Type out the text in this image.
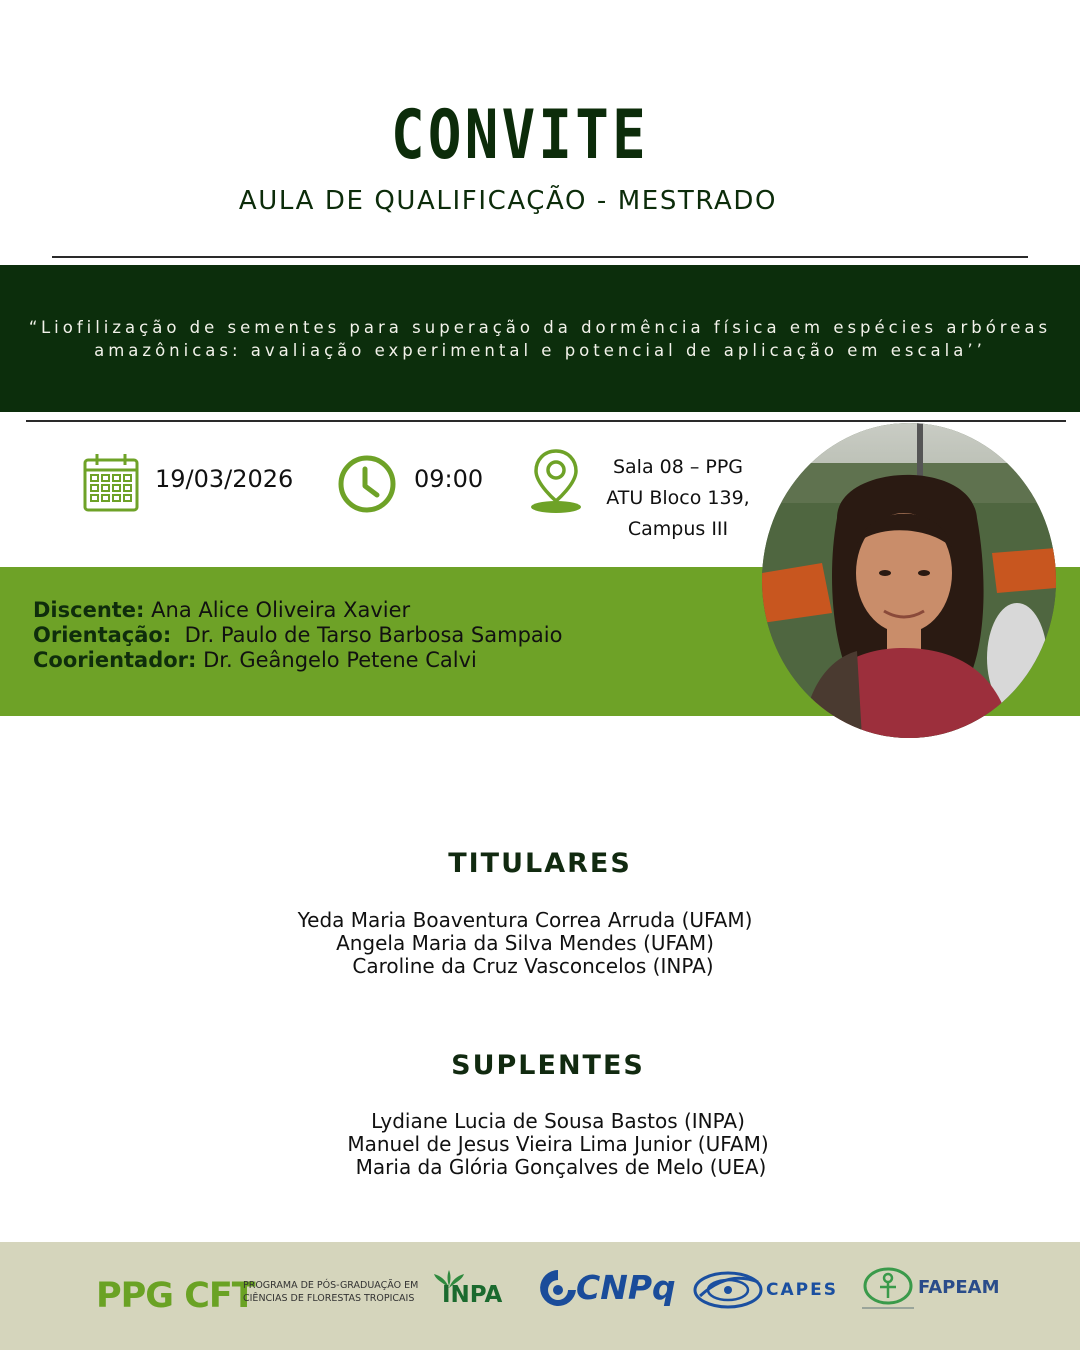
CONVITE
AULA DE QUALIFICAÇÃO - MESTRADO
“Liofilização de sementes para superação da dormência física em espécies arbóreas amazônicas: avaliação experimental e potencial de aplicação em escala’’
19/03/2026	09:00	Sala 08 – PPG
ATU Bloco 139,
Campus III
Discente: Ana Alice Oliveira Xavier
Orientação: Dr. Paulo de Tarso Barbosa Sampaio
Coorientador: Dr. Geângelo Petene Calvi
TITULARES
Yeda Maria Boaventura Correa Arruda (UFAM)
Angela Maria da Silva Mendes (UFAM)
Caroline da Cruz Vasconcelos (INPA)
SUPLENTES
Lydiane Lucia de Sousa Bastos (INPA)
Manuel de Jesus Vieira Lima Junior (UFAM)
Maria da Glória Gonçalves de Melo (UEA)
PPG CFT
PROGRAMA DE PÓS-GRADUAÇÃO EM
CIÊNCIAS DE FLORESTAS TROPICAIS INPA CNPq	CAPES	FAPEAM
